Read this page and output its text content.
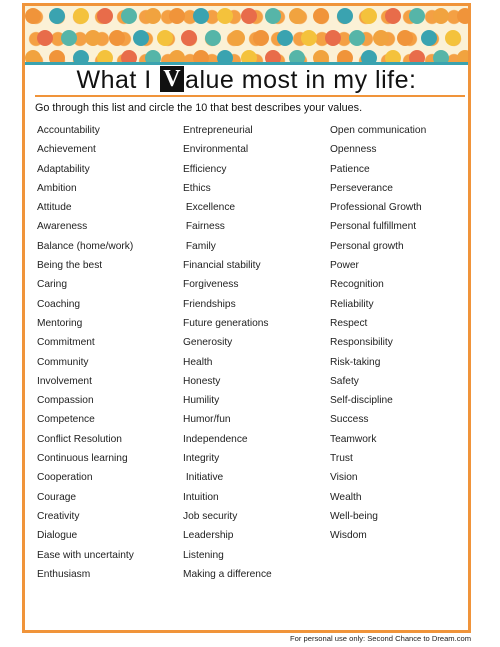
What I V alue most in my life:
Go through this list and circle the 10 that best describes your values.
Accountability
Achievement
Adaptability
Ambition
Attitude
Awareness
Balance (home/work)
Being the best
Caring
Coaching
Mentoring
Commitment
Community
Involvement
Compassion
Competence
Conflict Resolution
Continuous learning
Cooperation
Courage
Creativity
Dialogue
Ease with uncertainty
Enthusiasm
Entrepreneurial
Environmental
Efficiency
Ethics
Excellence
Fairness
Family
Financial stability
Forgiveness
Friendships
Future generations
Generosity
Health
Honesty
Humility
Humor/fun
Independence
Integrity
Initiative
Intuition
Job security
Leadership
Listening
Making a difference
Open communication
Openness
Patience
Perseverance
Professional Growth
Personal fulfillment
Personal growth
Power
Recognition
Reliability
Respect
Responsibility
Risk-taking
Safety
Self-discipline
Success
Teamwork
Trust
Vision
Wealth
Well-being
Wisdom
For personal use only: Second Chance to Dream.com
